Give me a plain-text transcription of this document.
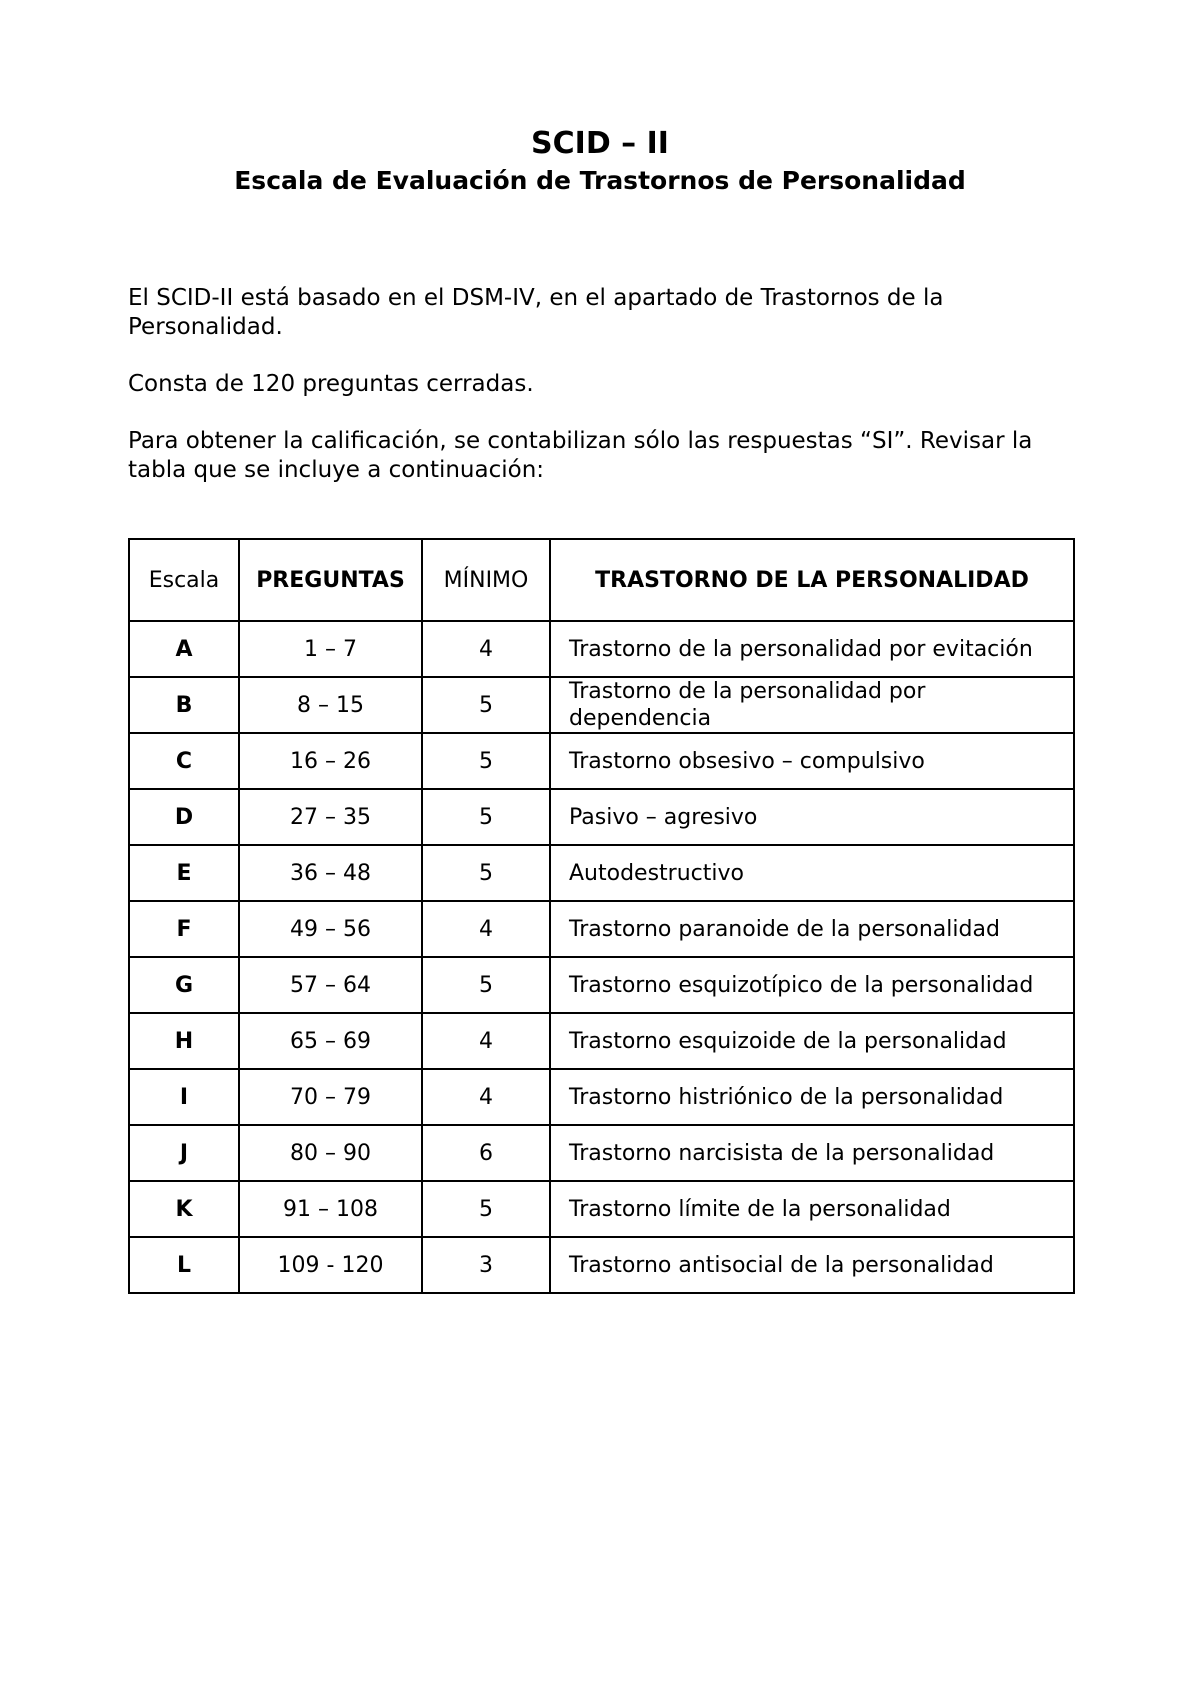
SCID – II
Escala de Evaluación de Trastornos de Personalidad

El SCID-II está basado en el DSM-IV, en el apartado de Trastornos de la Personalidad.

Consta de 120 preguntas cerradas.

Para obtener la calificación, se contabilizan sólo las respuestas “SI”. Revisar la tabla que se incluye a continuación:

Escala	PREGUNTAS	MÍNIMO	TRASTORNO DE LA PERSONALIDAD
A	1 – 7	4	Trastorno de la personalidad por evitación
B	8 – 15	5	Trastorno de la personalidad por dependencia
C	16 – 26	5	Trastorno obsesivo – compulsivo
D	27 – 35	5	Pasivo – agresivo
E	36 – 48	5	Autodestructivo
F	49 – 56	4	Trastorno paranoide de la personalidad
G	57 – 64	5	Trastorno esquizotípico de la personalidad
H	65 – 69	4	Trastorno esquizoide de la personalidad
I	70 – 79	4	Trastorno histriónico de la personalidad
J	80 – 90	6	Trastorno narcisista de la personalidad
K	91 – 108	5	Trastorno límite de la personalidad
L	109 - 120	3	Trastorno antisocial de la personalidad
